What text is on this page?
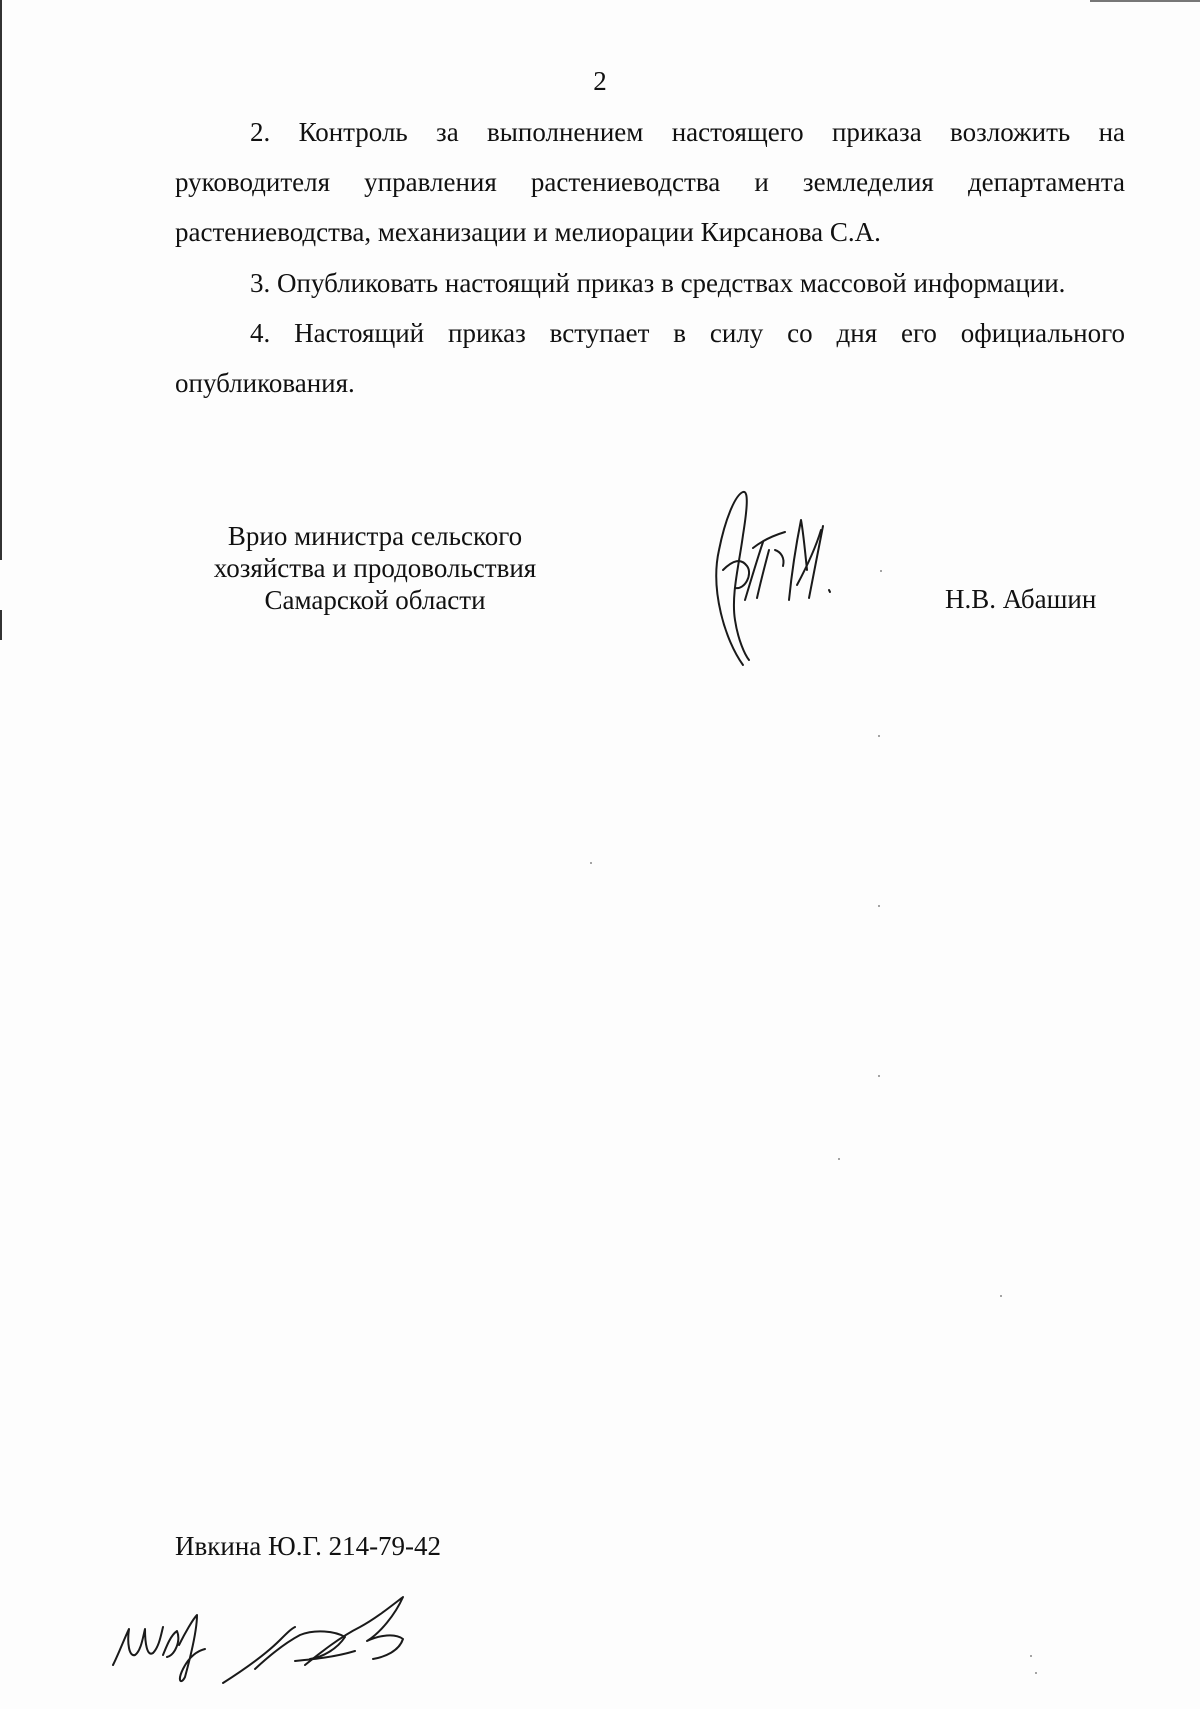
2

2. Контроль за выполнением настоящего приказа возложить на руководителя управления растениеводства и земледелия департамента растениеводства, механизации и мелиорации Кирсанова С.А.

3. Опубликовать настоящий приказ в средствах массовой информации.

4. Настоящий приказ вступает в силу со дня его официального опубликования.

Врио министра сельского
хозяйства и продовольствия
Самарской области	Н.В. Абашин
Ивкина Ю.Г. 214-79-42
